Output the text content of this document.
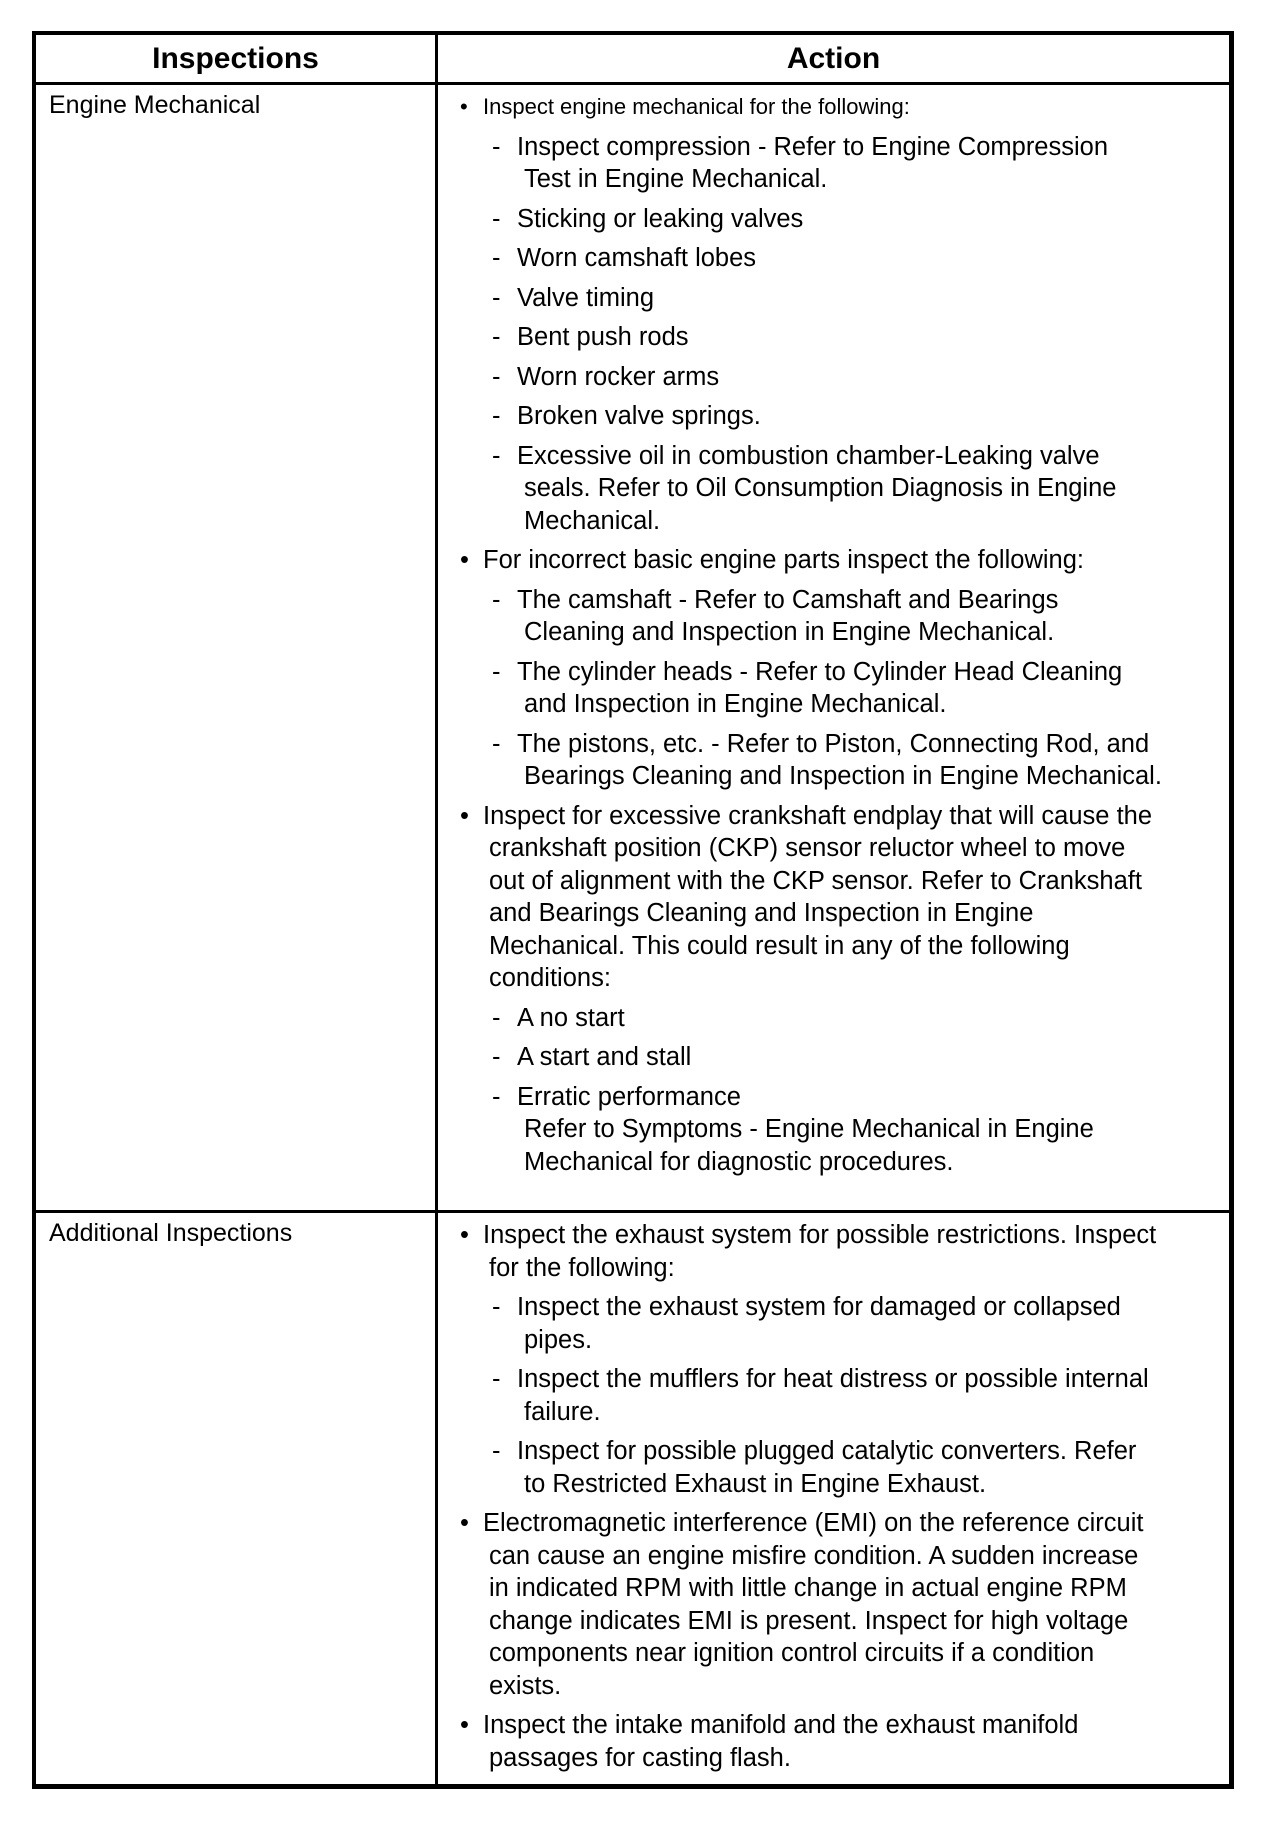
Inspections	Action
Engine Mechanical	• Inspect engine mechanical for the following:
- Inspect compression - Refer to Engine Compression
Test in Engine Mechanical.
- Sticking or leaking valves
- Worn camshaft lobes
- Valve timing
- Bent push rods
- Worn rocker arms
- Broken valve springs.
- Excessive oil in combustion chamber-Leaking valve
seals. Refer to Oil Consumption Diagnosis in Engine
Mechanical.
• For incorrect basic engine parts inspect the following:
- The camshaft - Refer to Camshaft and Bearings
Cleaning and Inspection in Engine Mechanical.
- The cylinder heads - Refer to Cylinder Head Cleaning
and Inspection in Engine Mechanical.
- The pistons, etc. - Refer to Piston, Connecting Rod, and
Bearings Cleaning and Inspection in Engine Mechanical.
• Inspect for excessive crankshaft endplay that will cause the
crankshaft position (CKP) sensor reluctor wheel to move
out of alignment with the CKP sensor. Refer to Crankshaft
and Bearings Cleaning and Inspection in Engine
Mechanical. This could result in any of the following
conditions:
- A no start
- A start and stall
- Erratic performance
Refer to Symptoms - Engine Mechanical in Engine
Mechanical for diagnostic procedures.
Additional Inspections	• Inspect the exhaust system for possible restrictions. Inspect
for the following:
- Inspect the exhaust system for damaged or collapsed
pipes.
- Inspect the mufflers for heat distress or possible internal
failure.
- Inspect for possible plugged catalytic converters. Refer
to Restricted Exhaust in Engine Exhaust.
• Electromagnetic interference (EMI) on the reference circuit
can cause an engine misfire condition. A sudden increase
in indicated RPM with little change in actual engine RPM
change indicates EMI is present. Inspect for high voltage
components near ignition control circuits if a condition
exists.
• Inspect the intake manifold and the exhaust manifold
passages for casting flash.
